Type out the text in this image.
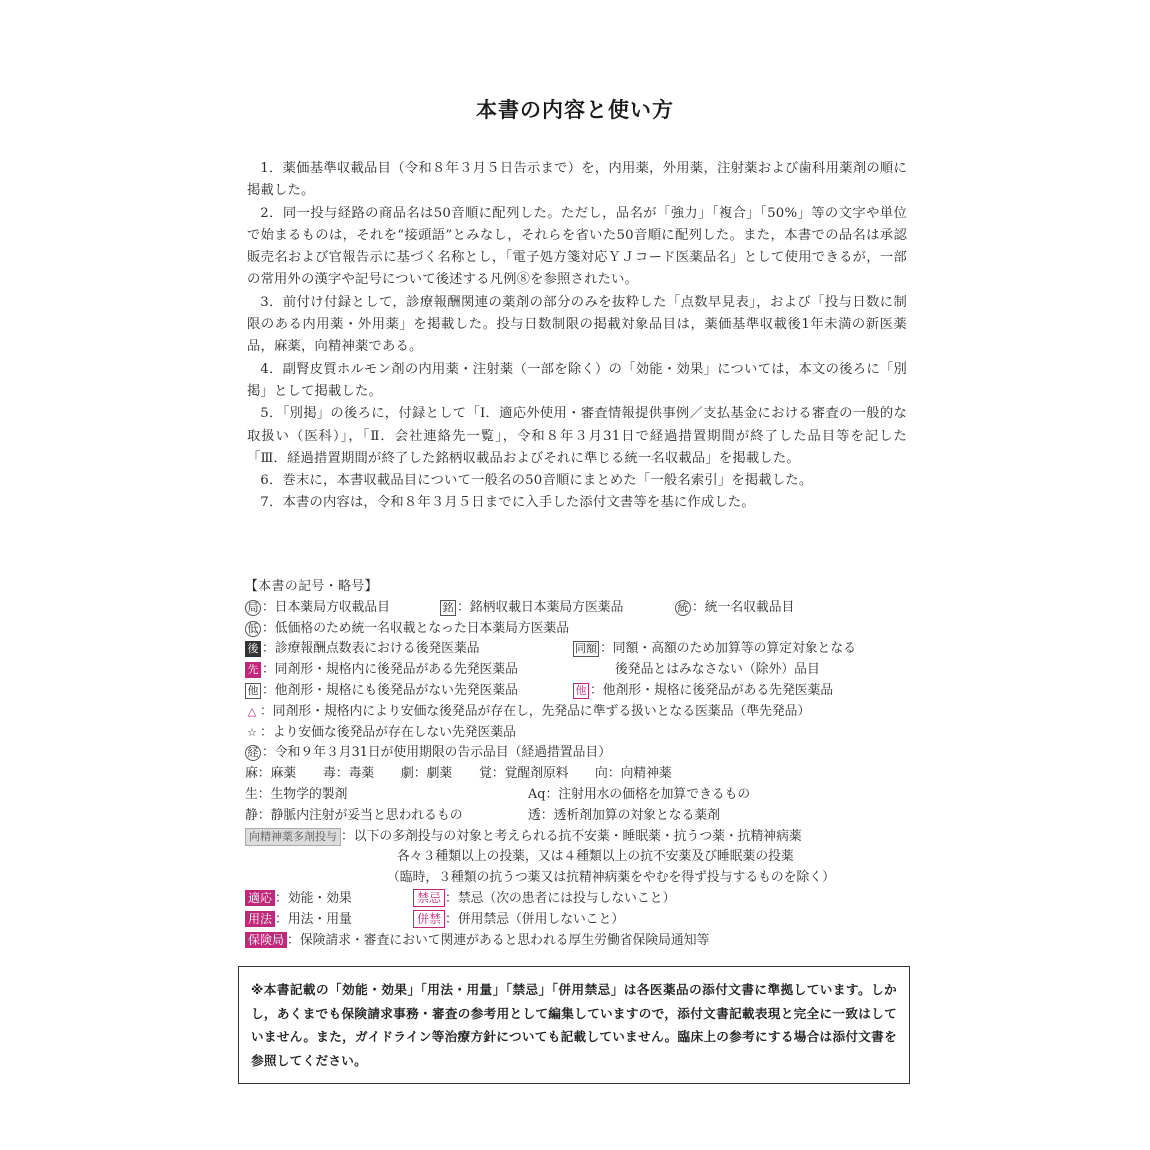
本書の内容と使い方

1．薬価基準収載品目（令和８年３月５日告示まで）を，内用薬，外用薬，注射薬および歯科用薬剤の順に掲載した。

2．同一投与経路の商品名は50音順に配列した。ただし，品名が「強力」「複合」「50%」等の文字や単位で始まるものは，それを“接頭語”とみなし，それらを省いた50音順に配列した。また，本書での品名は承認販売名および官報告示に基づく名称とし，「電子処方箋対応ＹＪコード医薬品名」として使用できるが，一部の常用外の漢字や記号について後述する凡例⑧を参照されたい。

3．前付け付録として，診療報酬関連の薬剤の部分のみを抜粋した「点数早見表」，および「投与日数に制限のある内用薬・外用薬」を掲載した。投与日数制限の掲載対象品目は，薬価基準収載後1年未満の新医薬品，麻薬，向精神薬である。

4．副腎皮質ホルモン剤の内用薬・注射薬（一部を除く）の「効能・効果」については，本文の後ろに「別掲」として掲載した。

5．「別掲」の後ろに，付録として「Ⅰ．適応外使用・審査情報提供事例／支払基金における審査の一般的な取扱い（医科）」，「Ⅱ．会社連絡先一覧」，令和８年３月31日で経過措置期間が終了した品目等を記した「Ⅲ．経過措置期間が終了した銘柄収載品およびそれに準じる統一名収載品」を掲載した。

6．巻末に，本書収載品目について一般名の50音順にまとめた「一般名索引」を掲載した。

7．本書の内容は，令和８年３月５日までに入手した添付文書等を基に作成した。

【本書の記号・略号】
局 ：日本薬局方収載品目	銘 ：銘柄収載日本薬局方医薬品	統 ：統一名収載品目
低 ：低価格のため統一名収載となった日本薬局方医薬品
後 ：診療報酬点数表における後発医薬品	同額 ：同額・高額のため加算等の算定対象となる
先 ：同剤形・規格内に後発品がある先発医薬品	後発品とはみなさない（除外）品目
他 ：他剤形・規格にも後発品がない先発医薬品	他 ：他剤形・規格に後発品がある先発医薬品
△ ：同剤形・規格内により安価な後発品が存在し，先発品に準ずる扱いとなる医薬品（準先発品）
☆ ：より安価な後発品が存在しない先発医薬品
経 ：令和９年３月31日が使用期限の告示品目（経過措置品目）
麻：麻薬 毒：毒薬 劇：劇薬 覚：覚醒剤原料 向：向精神薬
生：生物学的製剤	Aq：注射用水の価格を加算できるもの
静：静脈内注射が妥当と思われるもの	透：透析剤加算の対象となる薬剤
向精神薬多剤投与 ：以下の多剤投与の対象と考えられる抗不安薬・睡眠薬・抗うつ薬・抗精神病薬
各々３種類以上の投薬，又は４種類以上の抗不安薬及び睡眠薬の投薬
（臨時，３種類の抗うつ薬又は抗精神病薬をやむを得ず投与するものを除く）
適応 ：効能・効果	禁忌 ：禁忌（次の患者には投与しないこと）
用法 ：用法・用量	併禁 ：併用禁忌（併用しないこと）
保険局 ：保険請求・審査において関連があると思われる厚生労働省保険局通知等
※本書記載の「効能・効果」「用法・用量」「禁忌」「併用禁忌」は各医薬品の添付文書に準拠しています。しかし，あくまでも保険請求事務・審査の参考用として編集していますので，添付文書記載表現と完全に一致はしていません。また，ガイドライン等治療方針についても記載していません。臨床上の参考にする場合は添付文書を参照してください。
